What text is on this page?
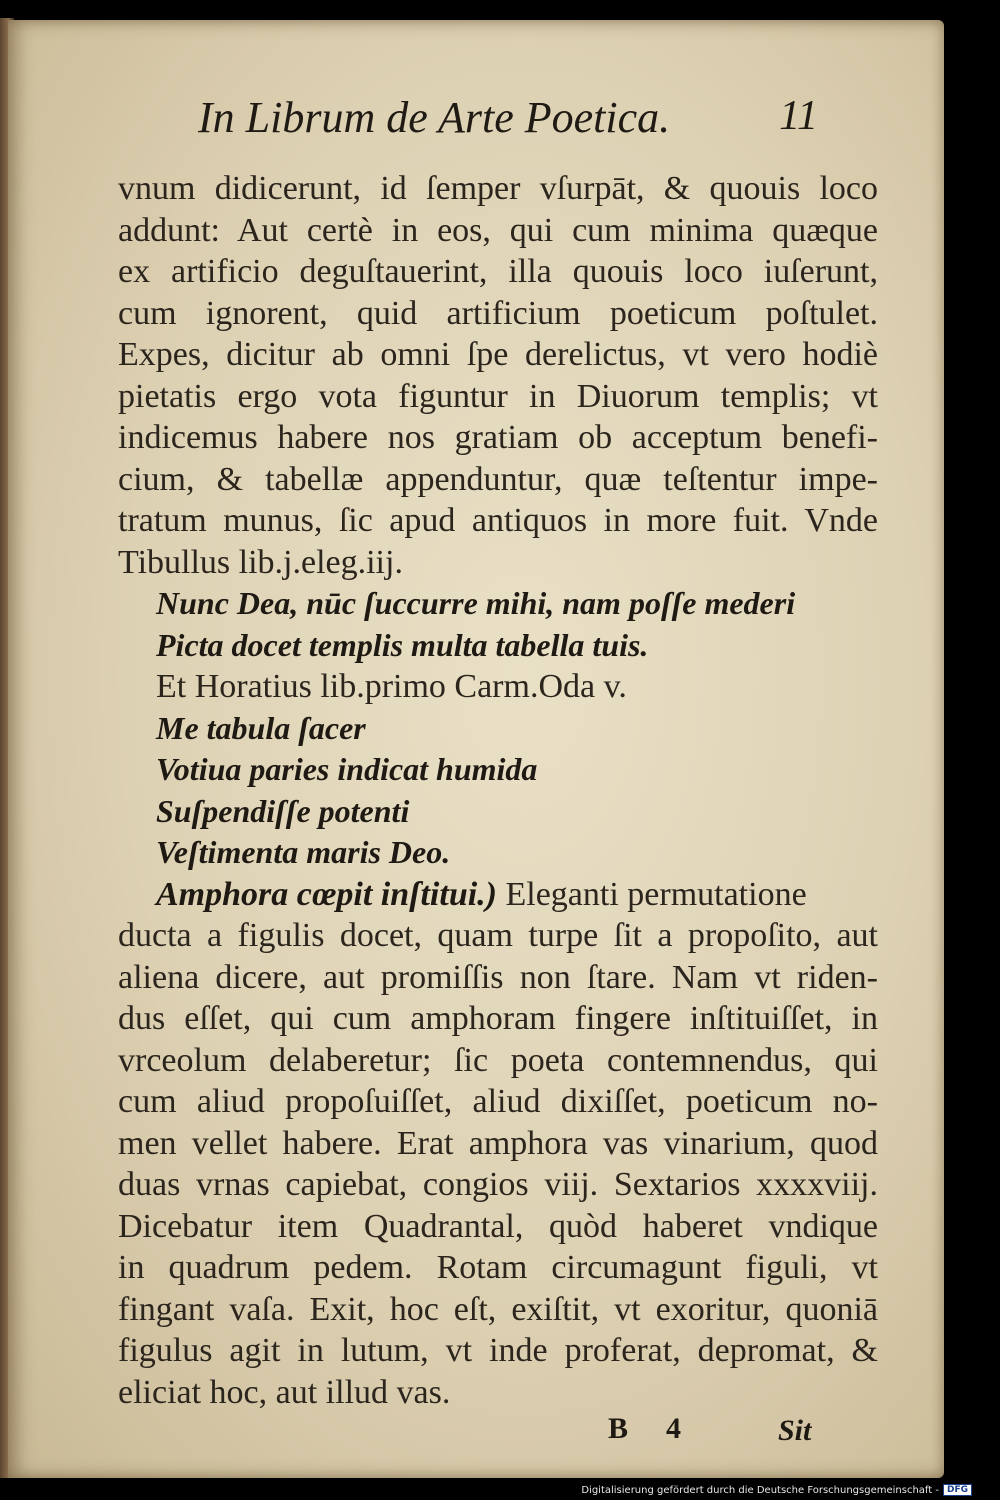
In Librum de Arte Poetica.	11
vnum didicerunt, id ſemper vſurpāt, & quouis loco
addunt: Aut certè in eos, qui cum minima quæque
ex artificio deguſtauerint, illa quouis loco iuſerunt,
cum ignorent, quid artificium poeticum poſtulet.
Expes, dicitur ab omni ſpe derelictus, vt vero hodiè
pietatis ergo vota figuntur in Diuorum templis; vt
indicemus habere nos gratiam ob acceptum benefi-
cium, & tabellæ appenduntur, quæ teſtentur impe-
tratum munus, ſic apud antiquos in more fuit. Vnde
Tibullus lib.j.eleg.iij.
Nunc Dea, nūc ſuccurre mihi, nam poſſe mederi
Picta docet templis multa tabella tuis.
Et Horatius lib.primo Carm.Oda v.
Me tabula ſacer
Votiua paries indicat humida
Suſpendiſſe potenti
Veſtimenta maris Deo.
Amphora cœpit inſtitui.) Eleganti permutatione
ducta a figulis docet, quam turpe ſit a propoſito, aut
aliena dicere, aut promiſſis non ſtare. Nam vt riden-
dus eſſet, qui cum amphoram fingere inſtituiſſet, in
vrceolum delaberetur; ſic poeta contemnendus, qui
cum aliud propoſuiſſet, aliud dixiſſet, poeticum no-
men vellet habere. Erat amphora vas vinarium, quod
duas vrnas capiebat, congios viij. Sextarios xxxxviij.
Dicebatur item Quadrantal, quòd haberet vndique
in quadrum pedem. Rotam circumagunt figuli, vt
fingant vaſa. Exit, hoc eſt, exiſtit, vt exoritur, quoniā
figulus agit in lutum, vt inde proferat, depromat, &
eliciat hoc, aut illud vas.
B 4	Sit
Digitalisierung gefördert durch die Deutsche Forschungsgemeinschaft - DFG
